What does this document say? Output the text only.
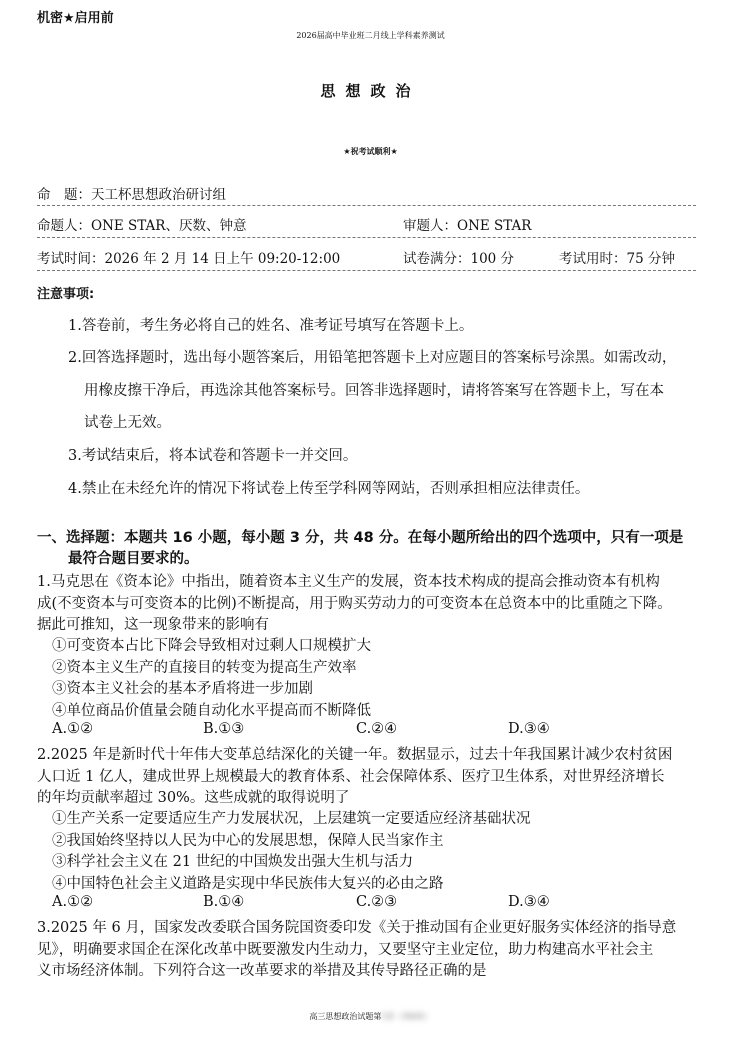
机密★启用前
2026届高中毕业班二月线上学科素养测试
思想政治
★祝考试顺利★
命　题：天工杯思想政治研讨组
命题人：ONE STAR、厌数、钟意	审题人：ONE STAR
考试时间：2026 年 2 月 14 日上午 09:20-12:00	试卷满分：100 分	考试用时：75 分钟
注意事项:
1.答卷前，考生务必将自己的姓名、准考证号填写在答题卡上。
2.回答选择题时，选出每小题答案后，用铅笔把答题卡上对应题目的答案标号涂黑。如需改动，
用橡皮擦干净后，再选涂其他答案标号。回答非选择题时，请将答案写在答题卡上，写在本
试卷上无效。
3.考试结束后，将本试卷和答题卡一并交回。
4.禁止在未经允许的情况下将试卷上传至学科网等网站，否则承担相应法律责任。
一、选择题：本题共 16 小题，每小题 3 分，共 48 分。在每小题所给出的四个选项中，只有一项是
最符合题目要求的。
1.马克思在《资本论》中指出，随着资本主义生产的发展，资本技术构成的提高会推动资本有机构
成(不变资本与可变资本的比例)不断提高，用于购买劳动力的可变资本在总资本中的比重随之下降。
据此可推知，这一现象带来的影响有
①可变资本占比下降会导致相对过剩人口规模扩大
②资本主义生产的直接目的转变为提高生产效率
③资本主义社会的基本矛盾将进一步加剧
④单位商品价值量会随自动化水平提高而不断降低
A.①②	B.①③	C.②④	D.③④
2.2025 年是新时代十年伟大变革总结深化的关键一年。数据显示，过去十年我国累计减少农村贫困
人口近 1 亿人，建成世界上规模最大的教育体系、社会保障体系、医疗卫生体系，对世界经济增长
的年均贡献率超过 30%。这些成就的取得说明了
①生产关系一定要适应生产力发展状况，上层建筑一定要适应经济基础状况
②我国始终坚持以人民为中心的发展思想，保障人民当家作主
③科学社会主义在 21 世纪的中国焕发出强大生机与活力
④中国特色社会主义道路是实现中华民族伟大复兴的必由之路
A.①②	B.①④	C.②③	D.③④
3.2025 年 6 月，国家发改委联合国务院国资委印发《关于推动国有企业更好服务实体经济的指导意
见》，明确要求国企在深化改革中既要激发内生动力，又要坚守主业定位，助力构建高水平社会主
义市场经济体制。下列符合这一改革要求的举措及其传导路径正确的是
高三思想政治试题第1页（共6页）
